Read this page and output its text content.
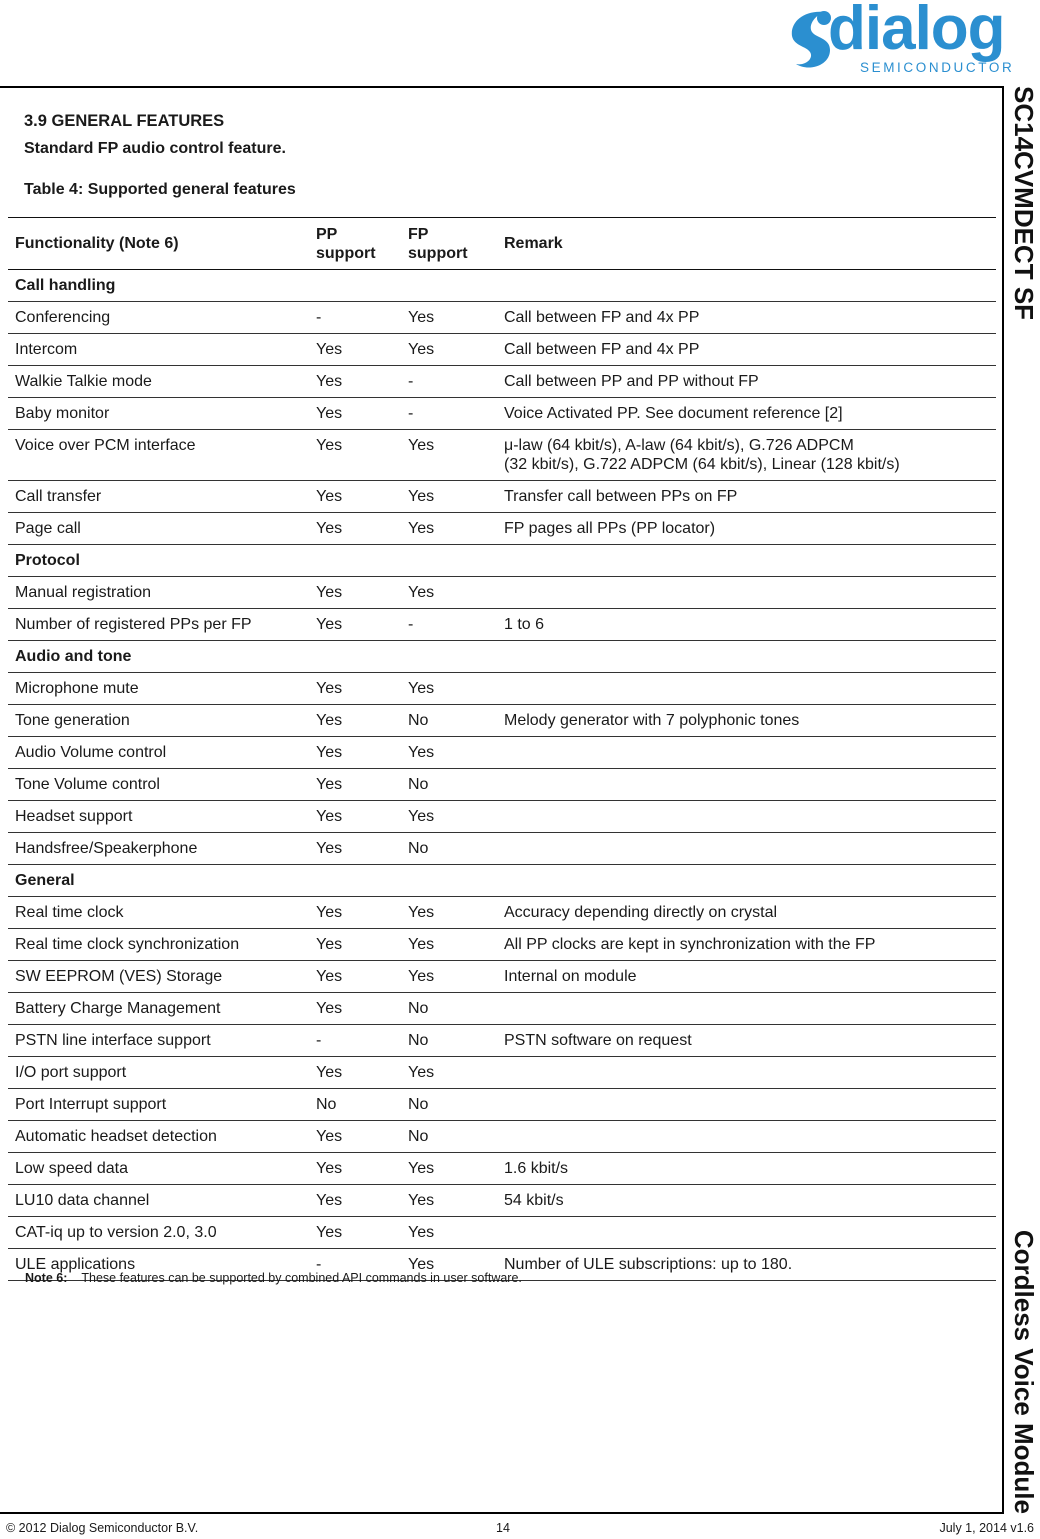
dialog
SEMICONDUCTOR
SC14CVMDECT SF
Cordless Voice Module
3.9 GENERAL FEATURES
Standard FP audio control feature.
Table 4: Supported general features
Functionality (Note 6)	PP support	FP support	Remark
Call handling			
Conferencing	-	Yes	Call between FP and 4x PP
Intercom	Yes	Yes	Call between FP and 4x PP
Walkie Talkie mode	Yes	-	Call between PP and PP without FP
Baby monitor	Yes	-	Voice Activated PP. See document reference [2]
Voice over PCM interface	Yes	Yes	μ-law (64 kbit/s), A-law (64 kbit/s), G.726 ADPCM
(32 kbit/s), G.722 ADPCM (64 kbit/s), Linear (128 kbit/s)
Call transfer	Yes	Yes	Transfer call between PPs on FP
Page call	Yes	Yes	FP pages all PPs (PP locator)
Protocol			
Manual registration	Yes	Yes	
Number of registered PPs per FP	Yes	-	1 to 6
Audio and tone			
Microphone mute	Yes	Yes	
Tone generation	Yes	No	Melody generator with 7 polyphonic tones
Audio Volume control	Yes	Yes	
Tone Volume control	Yes	No	
Headset support	Yes	Yes	
Handsfree/Speakerphone	Yes	No	
General			
Real time clock	Yes	Yes	Accuracy depending directly on crystal
Real time clock synchronization	Yes	Yes	All PP clocks are kept in synchronization with the FP
SW EEPROM (VES) Storage	Yes	Yes	Internal on module
Battery Charge Management	Yes	No	
PSTN line interface support	-	No	PSTN software on request
I/O port support	Yes	Yes	
Port Interrupt support	No	No	
Automatic headset detection	Yes	No	
Low speed data	Yes	Yes	1.6 kbit/s
LU10 data channel	Yes	Yes	54 kbit/s
CAT-iq up to version 2.0, 3.0	Yes	Yes	
ULE applications	-	Yes	Number of ULE subscriptions: up to 180.
Note 6: These features can be supported by combined API commands in user software.
© 2012 Dialog Semiconductor B.V.	14	July 1, 2014 v1.6
